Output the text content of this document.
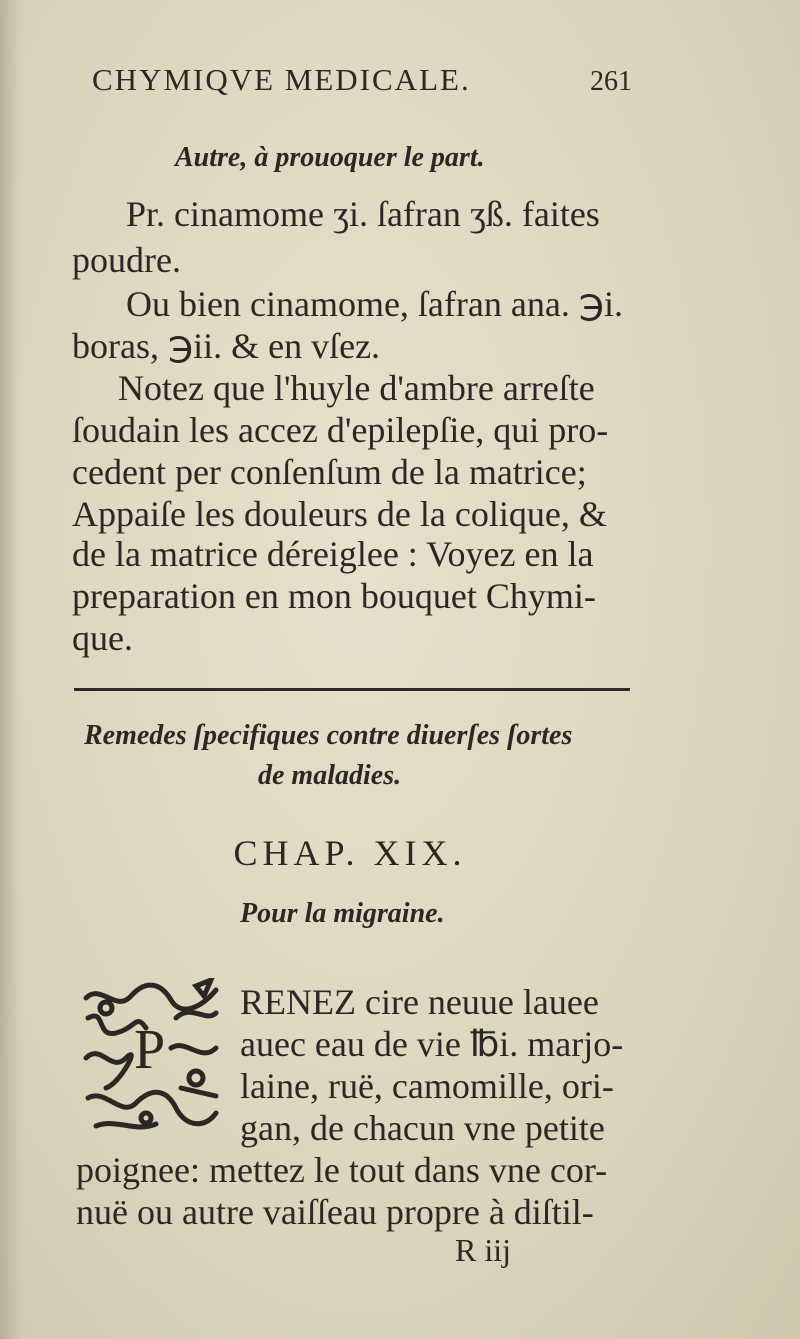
CHYMIQVE MEDICALE.	261
Autre, à prouoquer le part.
Pr. cinamome ʒi. ſafran ʒß. faites
poudre.
Ou bien cinamome, ſafran ana. ℈i.
boras, ℈ii. & en vſez.
Notez que l'huyle d'ambre arreſte
ſoudain les accez d'epilepſie, qui pro-
cedent per conſenſum de la matrice;
Appaiſe les douleurs de la colique, &
de la matrice déreiglee : Voyez en la
preparation en mon bouquet Chymi-
que.
Remedes ſpecifiques contre diuerſes ſortes
de maladies.
CHAP. XIX.
Pour la migraine.
P
RENEZ cire neuue lauee
auec eau de vie ℔i. marjo-
laine, ruë, camomille, ori-
gan, de chacun vne petite
poignee: mettez le tout dans vne cor-
nuë ou autre vaiſſeau propre à diſtil-
R iij
